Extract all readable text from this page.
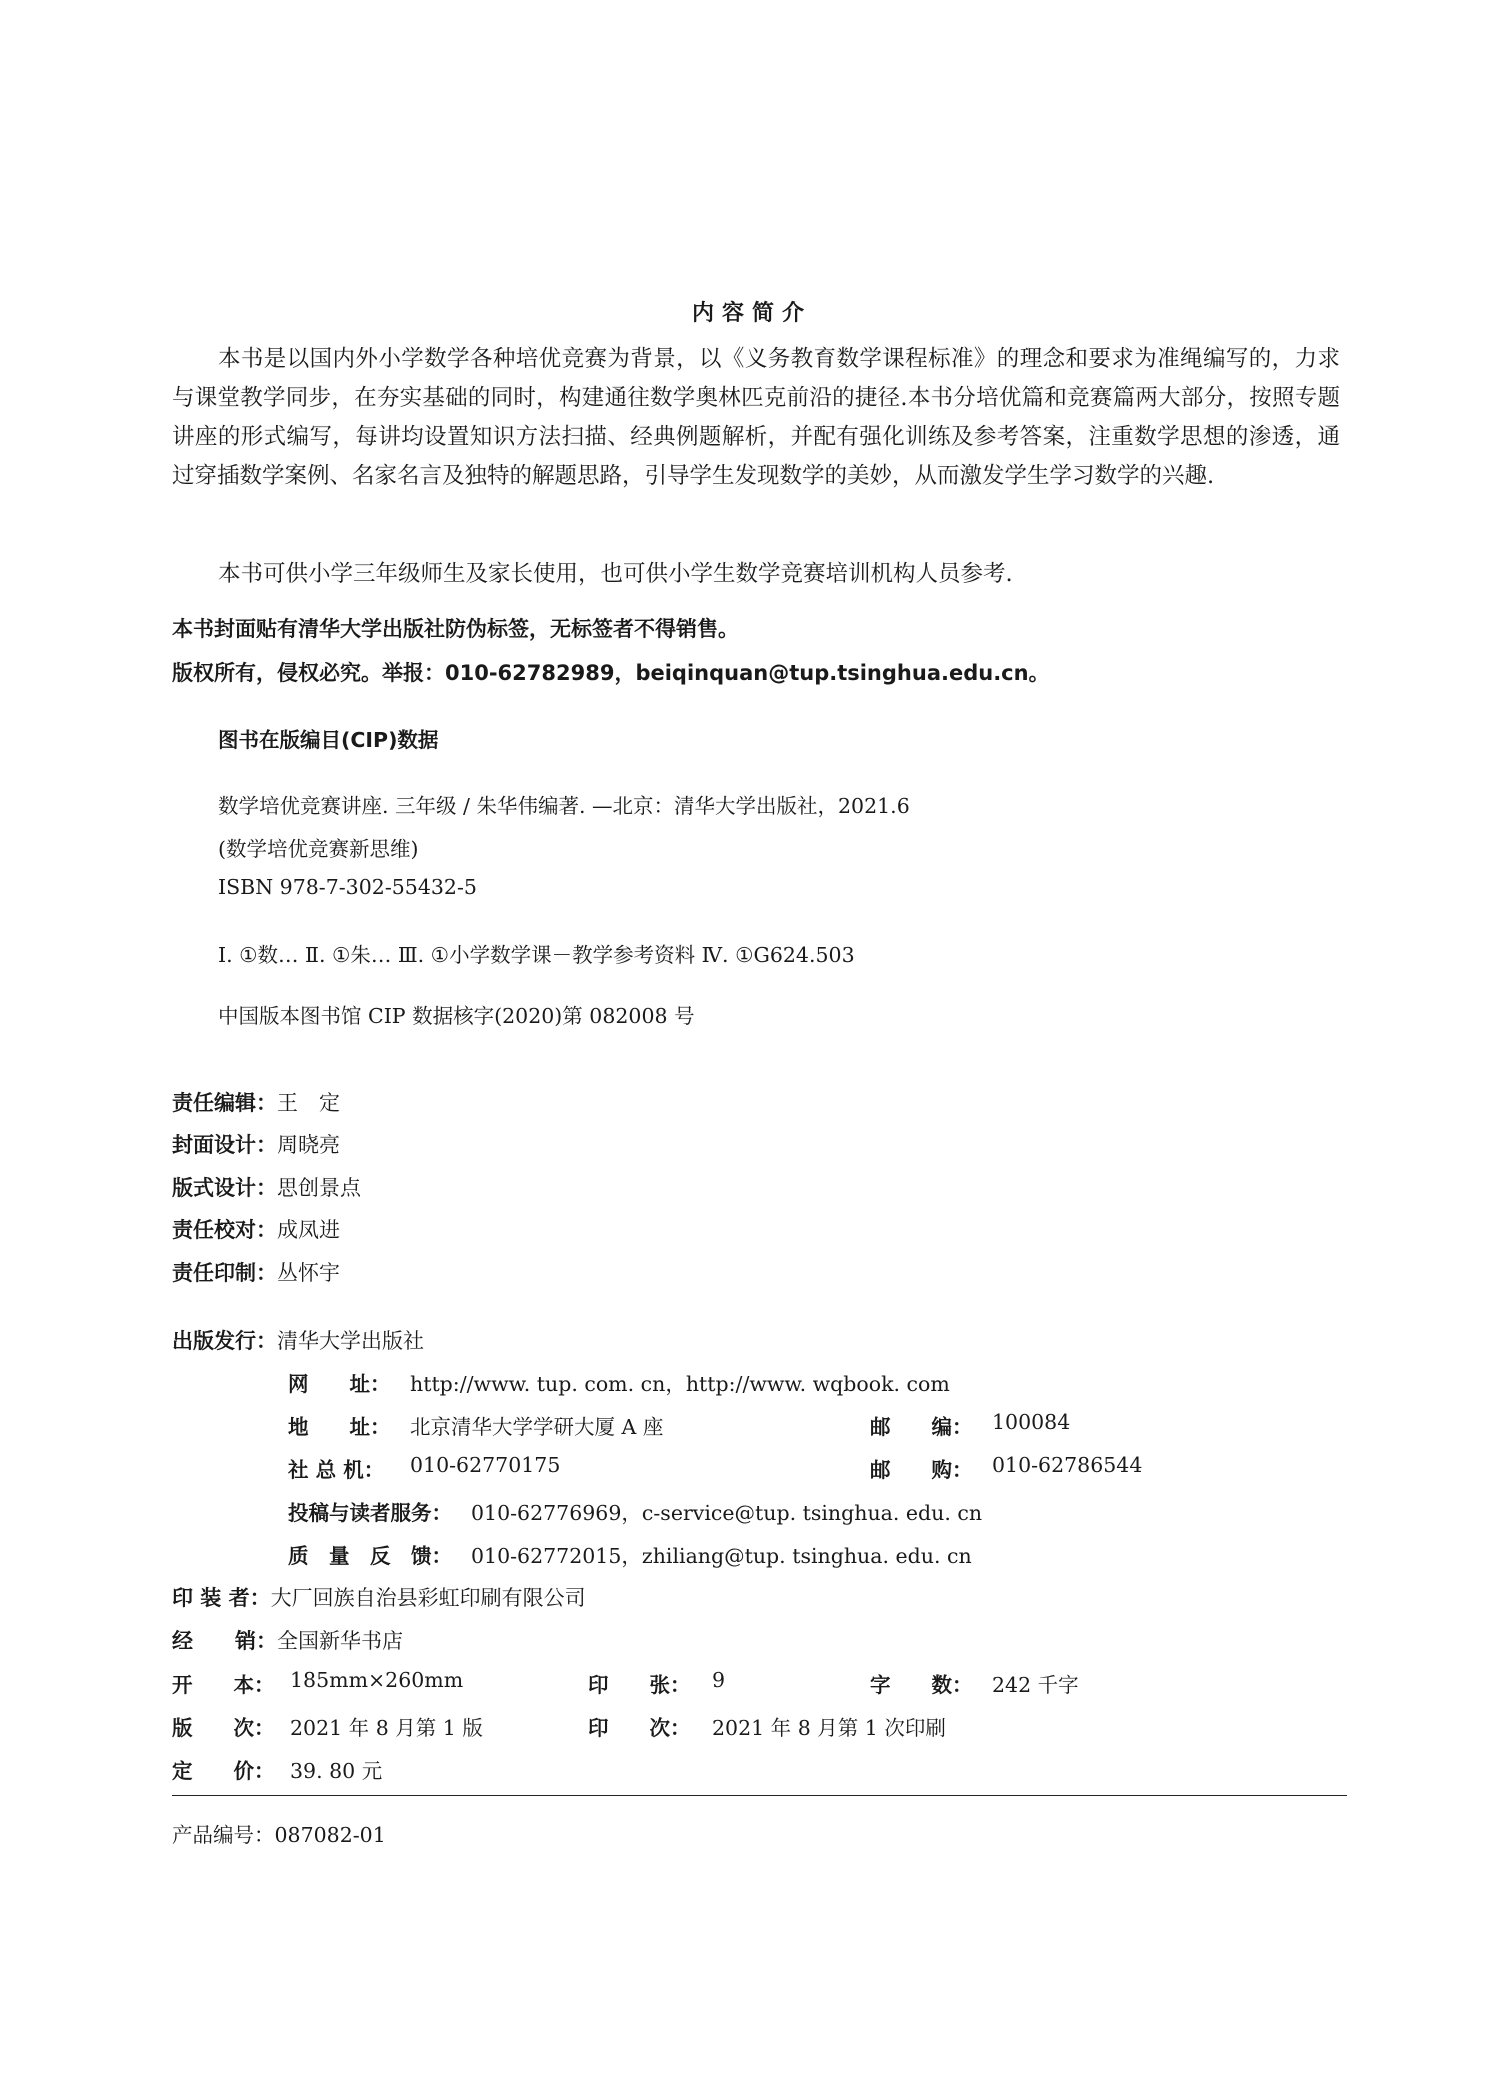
内容简介
本书是以国内外小学数学各种培优竞赛为背景，以《义务教育数学课程标准》的理念和要求为准绳编写的，力求与课堂教学同步，在夯实基础的同时，构建通往数学奥林匹克前沿的捷径.本书分培优篇和竞赛篇两大部分，按照专题讲座的形式编写，每讲均设置知识方法扫描、经典例题解析，并配有强化训练及参考答案，注重数学思想的渗透，通过穿插数学案例、名家名言及独特的解题思路，引导学生发现数学的美妙，从而激发学生学习数学的兴趣.
本书可供小学三年级师生及家长使用，也可供小学生数学竞赛培训机构人员参考.
本书封面贴有清华大学出版社防伪标签，无标签者不得销售。
版权所有，侵权必究。举报：010-62782989，beiqinquan@tup.tsinghua.edu.cn。
图书在版编目(CIP)数据
数学培优竞赛讲座. 三年级 / 朱华伟编著. —北京：清华大学出版社，2021.6
(数学培优竞赛新思维)
ISBN 978-7-302-55432-5
Ⅰ. ①数… Ⅱ. ①朱… Ⅲ. ①小学数学课－教学参考资料 Ⅳ. ①G624.503
中国版本图书馆 CIP 数据核字(2020)第 082008 号
责任编辑：王　定
封面设计：周晓亮
版式设计：思创景点
责任校对：成凤进
责任印制：丛怀宇
出版发行：清华大学出版社
网　　址： http://www. tup. com. cn，http://www. wqbook. com
地　　址： 北京清华大学学研大厦 A 座	邮　　编： 100084
社 总 机： 010-62770175	邮　　购： 010-62786544
投稿与读者服务： 010-62776969，c-service@tup. tsinghua. edu. cn
质　量　反　馈： 010-62772015，zhiliang@tup. tsinghua. edu. cn
印 装 者：大厂回族自治县彩虹印刷有限公司
经　　销：全国新华书店
开　　本： 185mm×260mm	印　　张： 9	字　　数： 242 千字
版　　次： 2021 年 8 月第 1 版	印　　次： 2021 年 8 月第 1 次印刷
定　　价： 39. 80 元
产品编号：087082-01
